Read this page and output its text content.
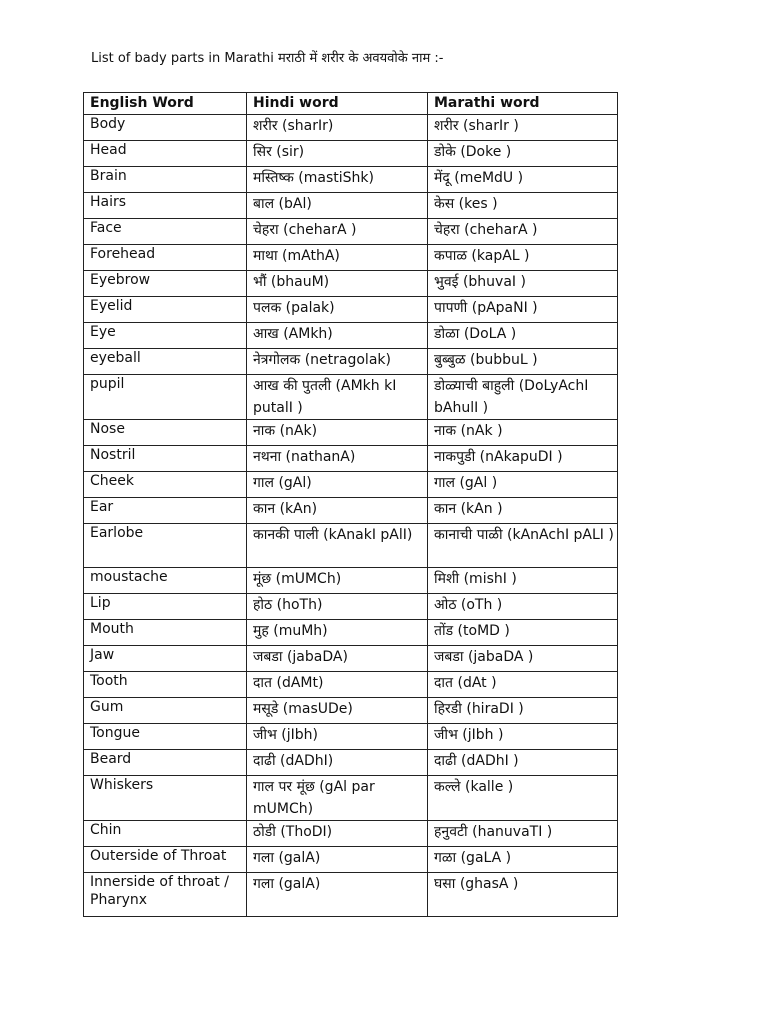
List of bady parts in Marathi मराठी में शरीर के अवयवोके नाम :-
English Word	Hindi word	Marathi word
Body	शरीर (sharIr)	शरीर (sharIr )
Head	सिर (sir)	डोके (Doke )
Brain	मस्तिष्क (mastiShk)	मेंदू (meMdU )
Hairs	बाल (bAl)	केस (kes )
Face	चेहरा (cheharA )	चेहरा (cheharA )
Forehead	माथा (mAthA)	कपाळ (kapAL )
Eyebrow	भौं (bhauM)	भुवई (bhuvaI )
Eyelid	पलक (palak)	पापणी (pApaNI )
Eye	आख (AMkh)	डोळा (DoLA )
eyeball	नेत्रगोलक (netragolak)	बुब्बुळ (bubbuL )
pupil	आख की पुतली (AMkh kI putalI )	डोळ्याची बाहुली (DoLyAchI bAhulI )
Nose	नाक (nAk)	नाक (nAk )
Nostril	नथना (nathanA)	नाकपुडी (nAkapuDI )
Cheek	गाल (gAl)	गाल (gAl )
Ear	कान (kAn)	कान (kAn )
Earlobe	कानकी पाली (kAnakI pAlI)	कानाची पाळी (kAnAchI pALI )
moustache	मूंछ (mUMCh)	मिशी (mishI )
Lip	होठ (hoTh)	ओठ (oTh )
Mouth	मुह (muMh)	तोंड (toMD )
Jaw	जबडा (jabaDA)	जबडा (jabaDA )
Tooth	दात (dAMt)	दात (dAt )
Gum	मसूडे (masUDe)	हिरडी (hiraDI )
Tongue	जीभ (jIbh)	जीभ (jIbh )
Beard	दाढी (dADhI)	दाढी (dADhI )
Whiskers	गाल पर मूंछ (gAl par mUMCh)	कल्ले (kalle )
Chin	ठोडी (ThoDI)	हनुवटी (hanuvaTI )
Outerside of Throat	गला (galA)	गळा (gaLA )
Innerside of throat / Pharynx	गला (galA)	घसा (ghasA )
